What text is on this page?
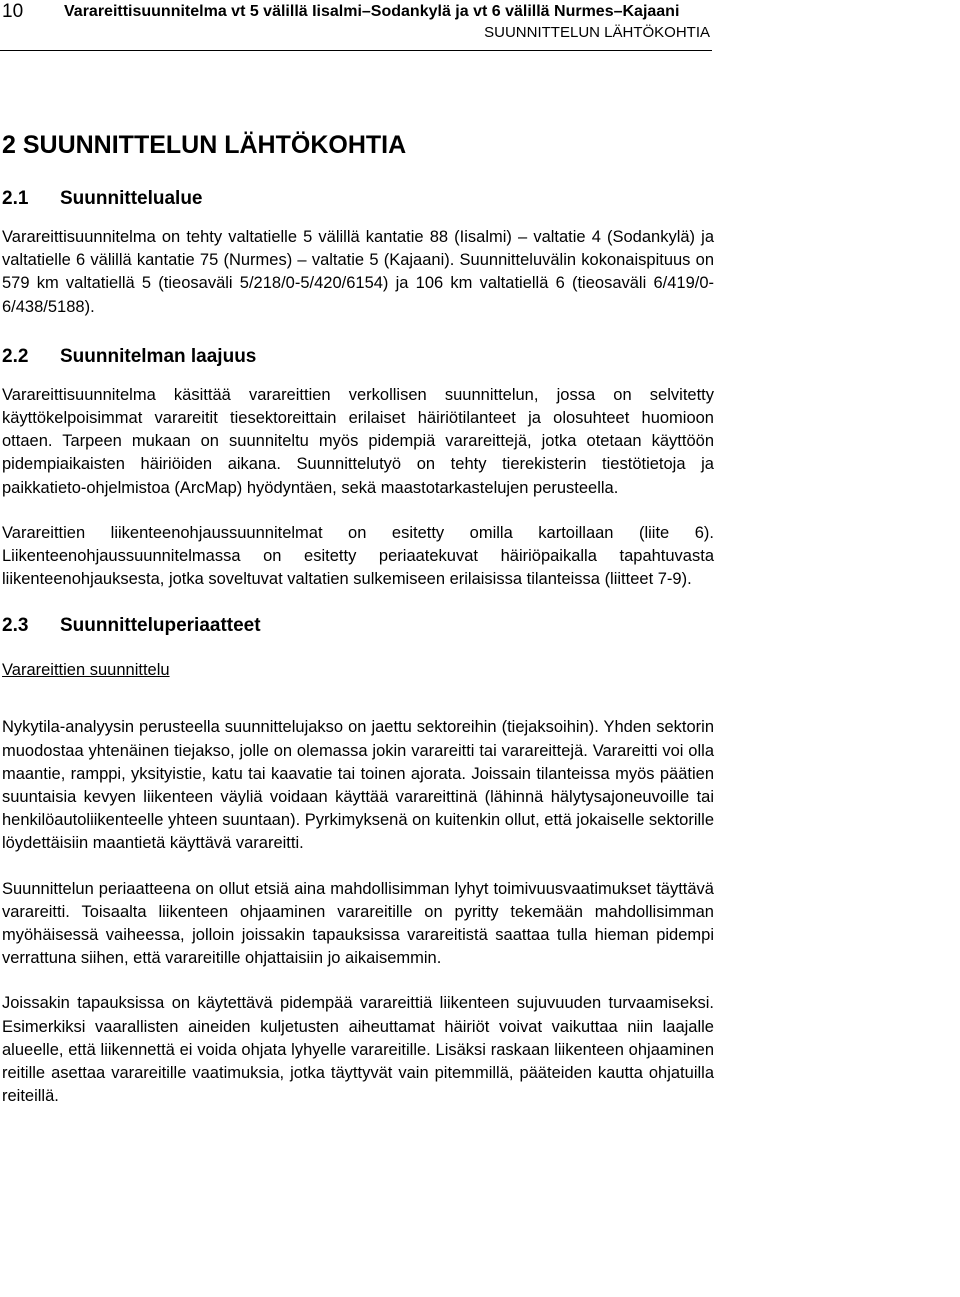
10	Varareittisuunnitelma vt 5 välillä Iisalmi–Sodankylä ja vt 6 välillä Nurmes–Kajaani
SUUNNITTELUN LÄHTÖKOHTIA
2 SUUNNITTELUN LÄHTÖKOHTIA
2.1 Suunnittelualue

Varareittisuunnitelma on tehty valtatielle 5 välillä kantatie 88 (Iisalmi) – valtatie 4 (Sodankylä) ja valtatielle 6 välillä kantatie 75 (Nurmes) – valtatie 5 (Kajaani). Suunnitteluvälin kokonaispituus on 579 km valtatiellä 5 (tieosaväli 5/218/0-5/420/6154) ja 106 km valtatiellä 6 (tieosaväli 6/419/0-6/438/5188).

2.2 Suunnitelman laajuus

Varareittisuunnitelma käsittää varareittien verkollisen suunnittelun, jossa on selvitetty käyttökelpoisimmat varareitit tiesektoreittain erilaiset häiriötilanteet ja olosuhteet huomioon ottaen. Tarpeen mukaan on suunniteltu myös pidempiä varareittejä, jotka otetaan käyttöön pidempiaikaisten häiriöiden aikana. Suunnittelutyö on tehty tierekisterin tiestötietoja ja paikkatieto-ohjelmistoa (ArcMap) hyödyntäen, sekä maastotarkastelujen perusteella.

Varareittien liikenteenohjaussuunnitelmat on esitetty omilla kartoillaan (liite 6). Liikenteenohjaussuunnitelmassa on esitetty periaatekuvat häiriöpaikalla tapahtuvasta liikenteenohjauksesta, jotka soveltuvat valtatien sulkemiseen erilaisissa tilanteissa (liitteet 7-9).

2.3 Suunnitteluperiaatteet
Varareittien suunnittelu

Nykytila-analyysin perusteella suunnittelujakso on jaettu sektoreihin (tiejaksoihin). Yhden sektorin muodostaa yhtenäinen tiejakso, jolle on olemassa jokin varareitti tai varareittejä. Varareitti voi olla maantie, ramppi, yksityistie, katu tai kaavatie tai toinen ajorata. Joissain tilanteissa myös päätien suuntaisia kevyen liikenteen väyliä voidaan käyttää varareittinä (lähinnä hälytysajoneuvoille tai henkilöautoliikenteelle yhteen suuntaan). Pyrkimyksenä on kuitenkin ollut, että jokaiselle sektorille löydettäisiin maantietä käyttävä varareitti.

Suunnittelun periaatteena on ollut etsiä aina mahdollisimman lyhyt toimivuusvaatimukset täyttävä varareitti. Toisaalta liikenteen ohjaaminen varareitille on pyritty tekemään mahdollisimman myöhäisessä vaiheessa, jolloin joissakin tapauksissa varareitistä saattaa tulla hieman pidempi verrattuna siihen, että varareitille ohjattaisiin jo aikaisemmin.

Joissakin tapauksissa on käytettävä pidempää varareittiä liikenteen sujuvuuden turvaamiseksi. Esimerkiksi vaarallisten aineiden kuljetusten aiheuttamat häiriöt voivat vaikuttaa niin laajalle alueelle, että liikennettä ei voida ohjata lyhyelle varareitille. Lisäksi raskaan liikenteen ohjaaminen reitille asettaa varareitille vaatimuksia, jotka täyttyvät vain pitemmillä, pääteiden kautta ohjatuilla reiteillä.
